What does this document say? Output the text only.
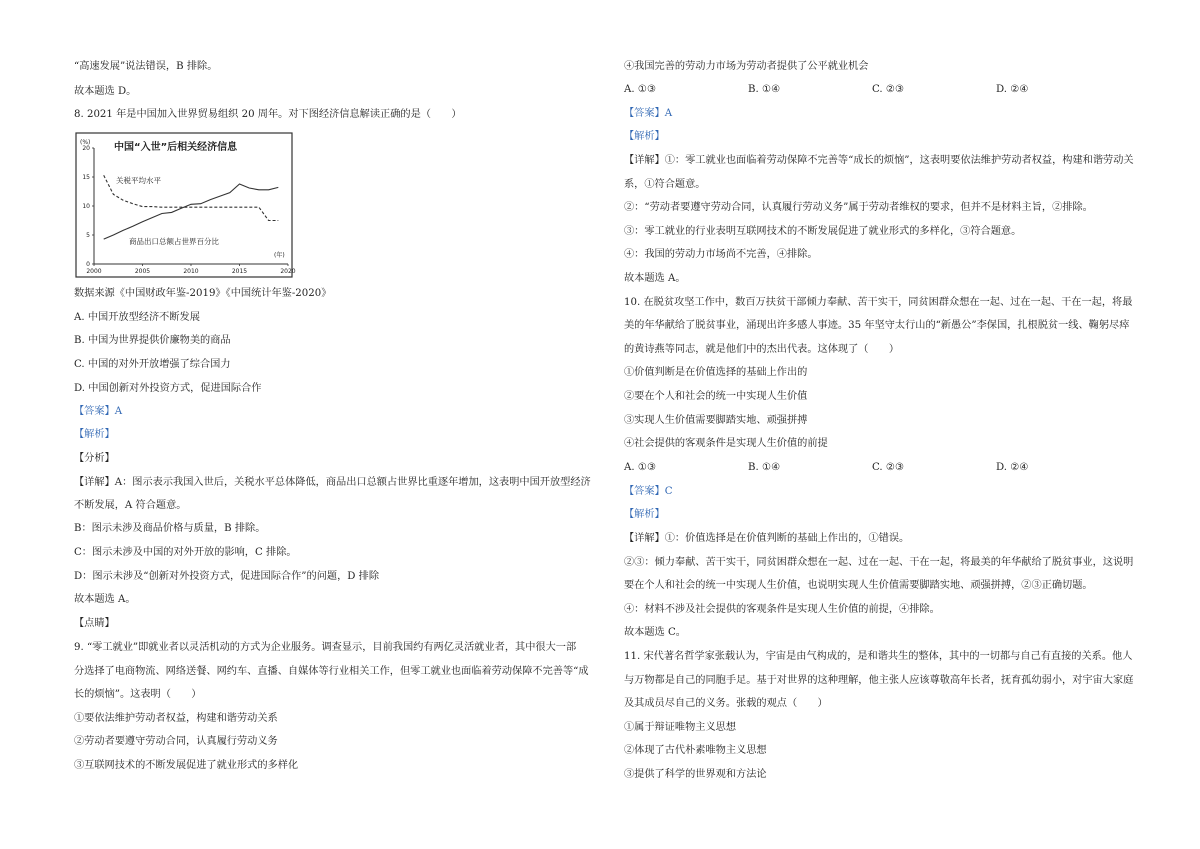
“高速发展”说法错误，B 排除。
故本题选 D。
8. 2021 年是中国加入世界贸易组织 20 周年。对下图经济信息解读正确的是（　　）
数据来源《中国财政年鉴-2019》《中国统计年鉴-2020》
A. 中国开放型经济不断发展
B. 中国为世界提供价廉物美的商品
C. 中国的对外开放增强了综合国力
D. 中国创新对外投资方式，促进国际合作
【答案】A
【解析】
【分析】
【详解】A：图示表示我国入世后，关税水平总体降低，商品出口总额占世界比重逐年增加，这表明中国开放型经济
不断发展，A 符合题意。
B：图示未涉及商品价格与质量，B 排除。
C：图示未涉及中国的对外开放的影响，C 排除。
D：图示未涉及“创新对外投资方式，促进国际合作”的问题，D 排除
故本题选 A。
【点睛】
9. “零工就业”即就业者以灵活机动的方式为企业服务。调查显示，目前我国约有两亿灵活就业者，其中很大一部
分选择了电商物流、网络送餐、网约车、直播、自媒体等行业相关工作，但零工就业也面临着劳动保障不完善等“成
长的烦恼”。这表明（　　）
①要依法维护劳动者权益，构建和谐劳动关系
②劳动者要遵守劳动合同，认真履行劳动义务
③互联网技术的不断发展促进了就业形式的多样化
中国“入世”后相关经济信息
(%)
(年)
0
5
10
15
20
2000	2005	2010	2015	2020
关税平均水平
商品出口总额占世界百分比
④我国完善的劳动力市场为劳动者提供了公平就业机会
A. ①③	B. ①④	C. ②③	D. ②④
【答案】A
【解析】
【详解】①：零工就业也面临着劳动保障不完善等“成长的烦恼”，这表明要依法维护劳动者权益，构建和谐劳动关
系，①符合题意。
②：“劳动者要遵守劳动合同，认真履行劳动义务”属于劳动者维权的要求，但并不是材料主旨，②排除。
③：零工就业的行业表明互联网技术的不断发展促进了就业形式的多样化，③符合题意。
④：我国的劳动力市场尚不完善，④排除。
故本题选 A。
10. 在脱贫攻坚工作中，数百万扶贫干部倾力奉献、苦干实干，同贫困群众想在一起、过在一起、干在一起，将最
美的年华献给了脱贫事业，涌现出许多感人事迹。35 年坚守太行山的“新愚公”李保国，扎根脱贫一线、鞠躬尽瘁
的黄诗燕等同志，就是他们中的杰出代表。这体现了（　　）
①价值判断是在价值选择的基础上作出的
②要在个人和社会的统一中实现人生价值
③实现人生价值需要脚踏实地、顽强拼搏
④社会提供的客观条件是实现人生价值的前提
A. ①③	B. ①④	C. ②③	D. ②④
【答案】C
【解析】
【详解】①：价值选择是在价值判断的基础上作出的，①错误。
②③：倾力奉献、苦干实干，同贫困群众想在一起、过在一起、干在一起，将最美的年华献给了脱贫事业，这说明
要在个人和社会的统一中实现人生价值，也说明实现人生价值需要脚踏实地、顽强拼搏，②③正确切题。
④：材料不涉及社会提供的客观条件是实现人生价值的前提，④排除。
故本题选 C。
11. 宋代著名哲学家张载认为，宇宙是由气构成的，是和谐共生的整体，其中的一切都与自己有直接的关系。他人
与万物都是自己的同胞手足。基于对世界的这种理解，他主张人应该尊敬高年长者，抚育孤幼弱小，对宇宙大家庭
及其成员尽自己的义务。张载的观点（　　）
①属于辩证唯物主义思想
②体现了古代朴素唯物主义思想
③提供了科学的世界观和方法论
